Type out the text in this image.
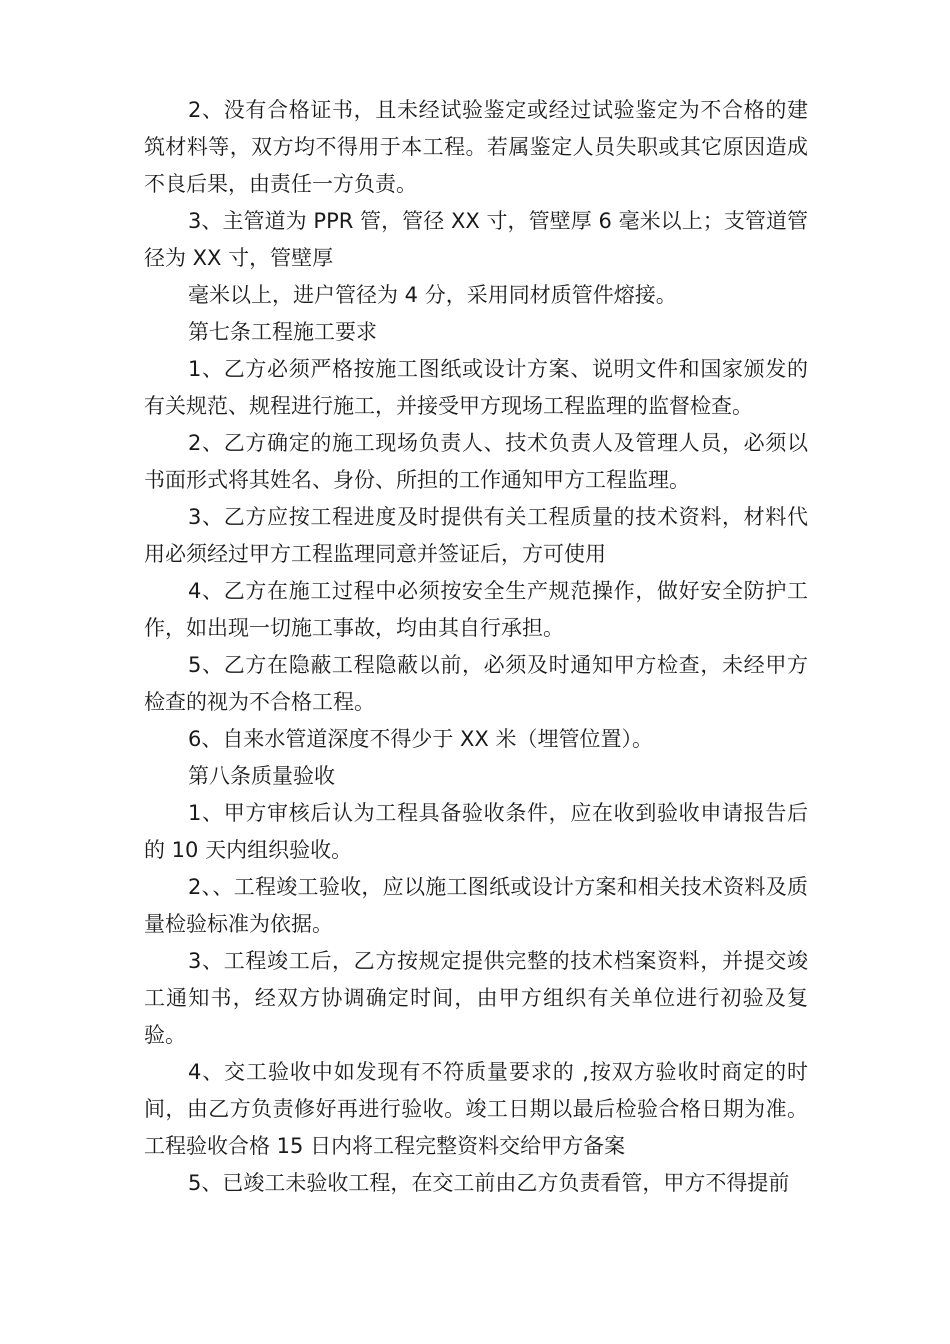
2、没有合格证书，且未经试验鉴定或经过试验鉴定为不合格的建筑材料等，双方均不得用于本工程。若属鉴定人员失职或其它原因造成不良后果，由责任一方负责。

3、主管道为 PPR 管，管径 XX 寸，管壁厚 6 毫米以上；支管道管径为 XX 寸，管壁厚

毫米以上，进户管径为 4 分，采用同材质管件熔接。

第七条工程施工要求

1、乙方必须严格按施工图纸或设计方案、说明文件和国家颁发的有关规范、规程进行施工，并接受甲方现场工程监理的监督检查。

2、乙方确定的施工现场负责人、技术负责人及管理人员，必须以书面形式将其姓名、身份、所担的工作通知甲方工程监理。

3、乙方应按工程进度及时提供有关工程质量的技术资料，材料代用必须经过甲方工程监理同意并签证后，方可使用

4、乙方在施工过程中必须按安全生产规范操作，做好安全防护工作，如出现一切施工事故，均由其自行承担。

5、乙方在隐蔽工程隐蔽以前，必须及时通知甲方检查，未经甲方检查的视为不合格工程。

6、自来水管道深度不得少于 XX 米（埋管位置）。

第八条质量验收

1、甲方审核后认为工程具备验收条件，应在收到验收申请报告后的 10 天内组织验收。

2、、工程竣工验收，应以施工图纸或设计方案和相关技术资料及质量检验标准为依据。

3、工程竣工后，乙方按规定提供完整的技术档案资料，并提交竣工通知书，经双方协调确定时间，由甲方组织有关单位进行初验及复验。

4、交工验收中如发现有不符质量要求的 ,按双方验收时商定的时间，由乙方负责修好再进行验收。竣工日期以最后检验合格日期为准。工程验收合格 15 日内将工程完整资料交给甲方备案

5、已竣工未验收工程，在交工前由乙方负责看管，甲方不得提前
